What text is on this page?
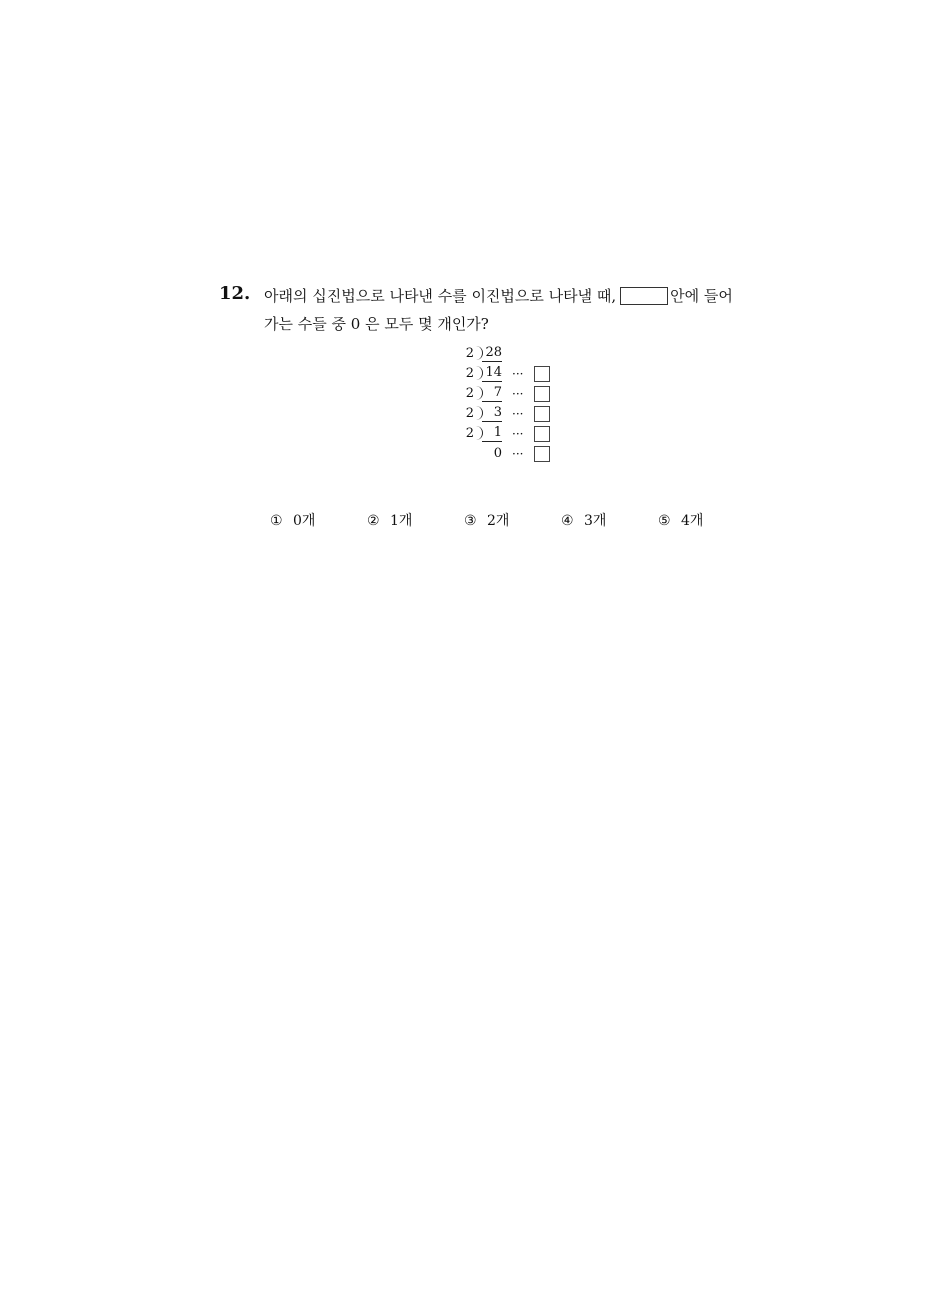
12. 아래의 십진법으로 나타낸 수를 이진법으로 나타낼 때,	안에 들어
가는 수들 중 0 은 모두 몇 개인가?
2 28
2 14 ···
2	7 ···
2	3 ···
2	1 ···
0 ···
① 0개	② 1개	③ 2개	④ 3개	⑤ 4개
